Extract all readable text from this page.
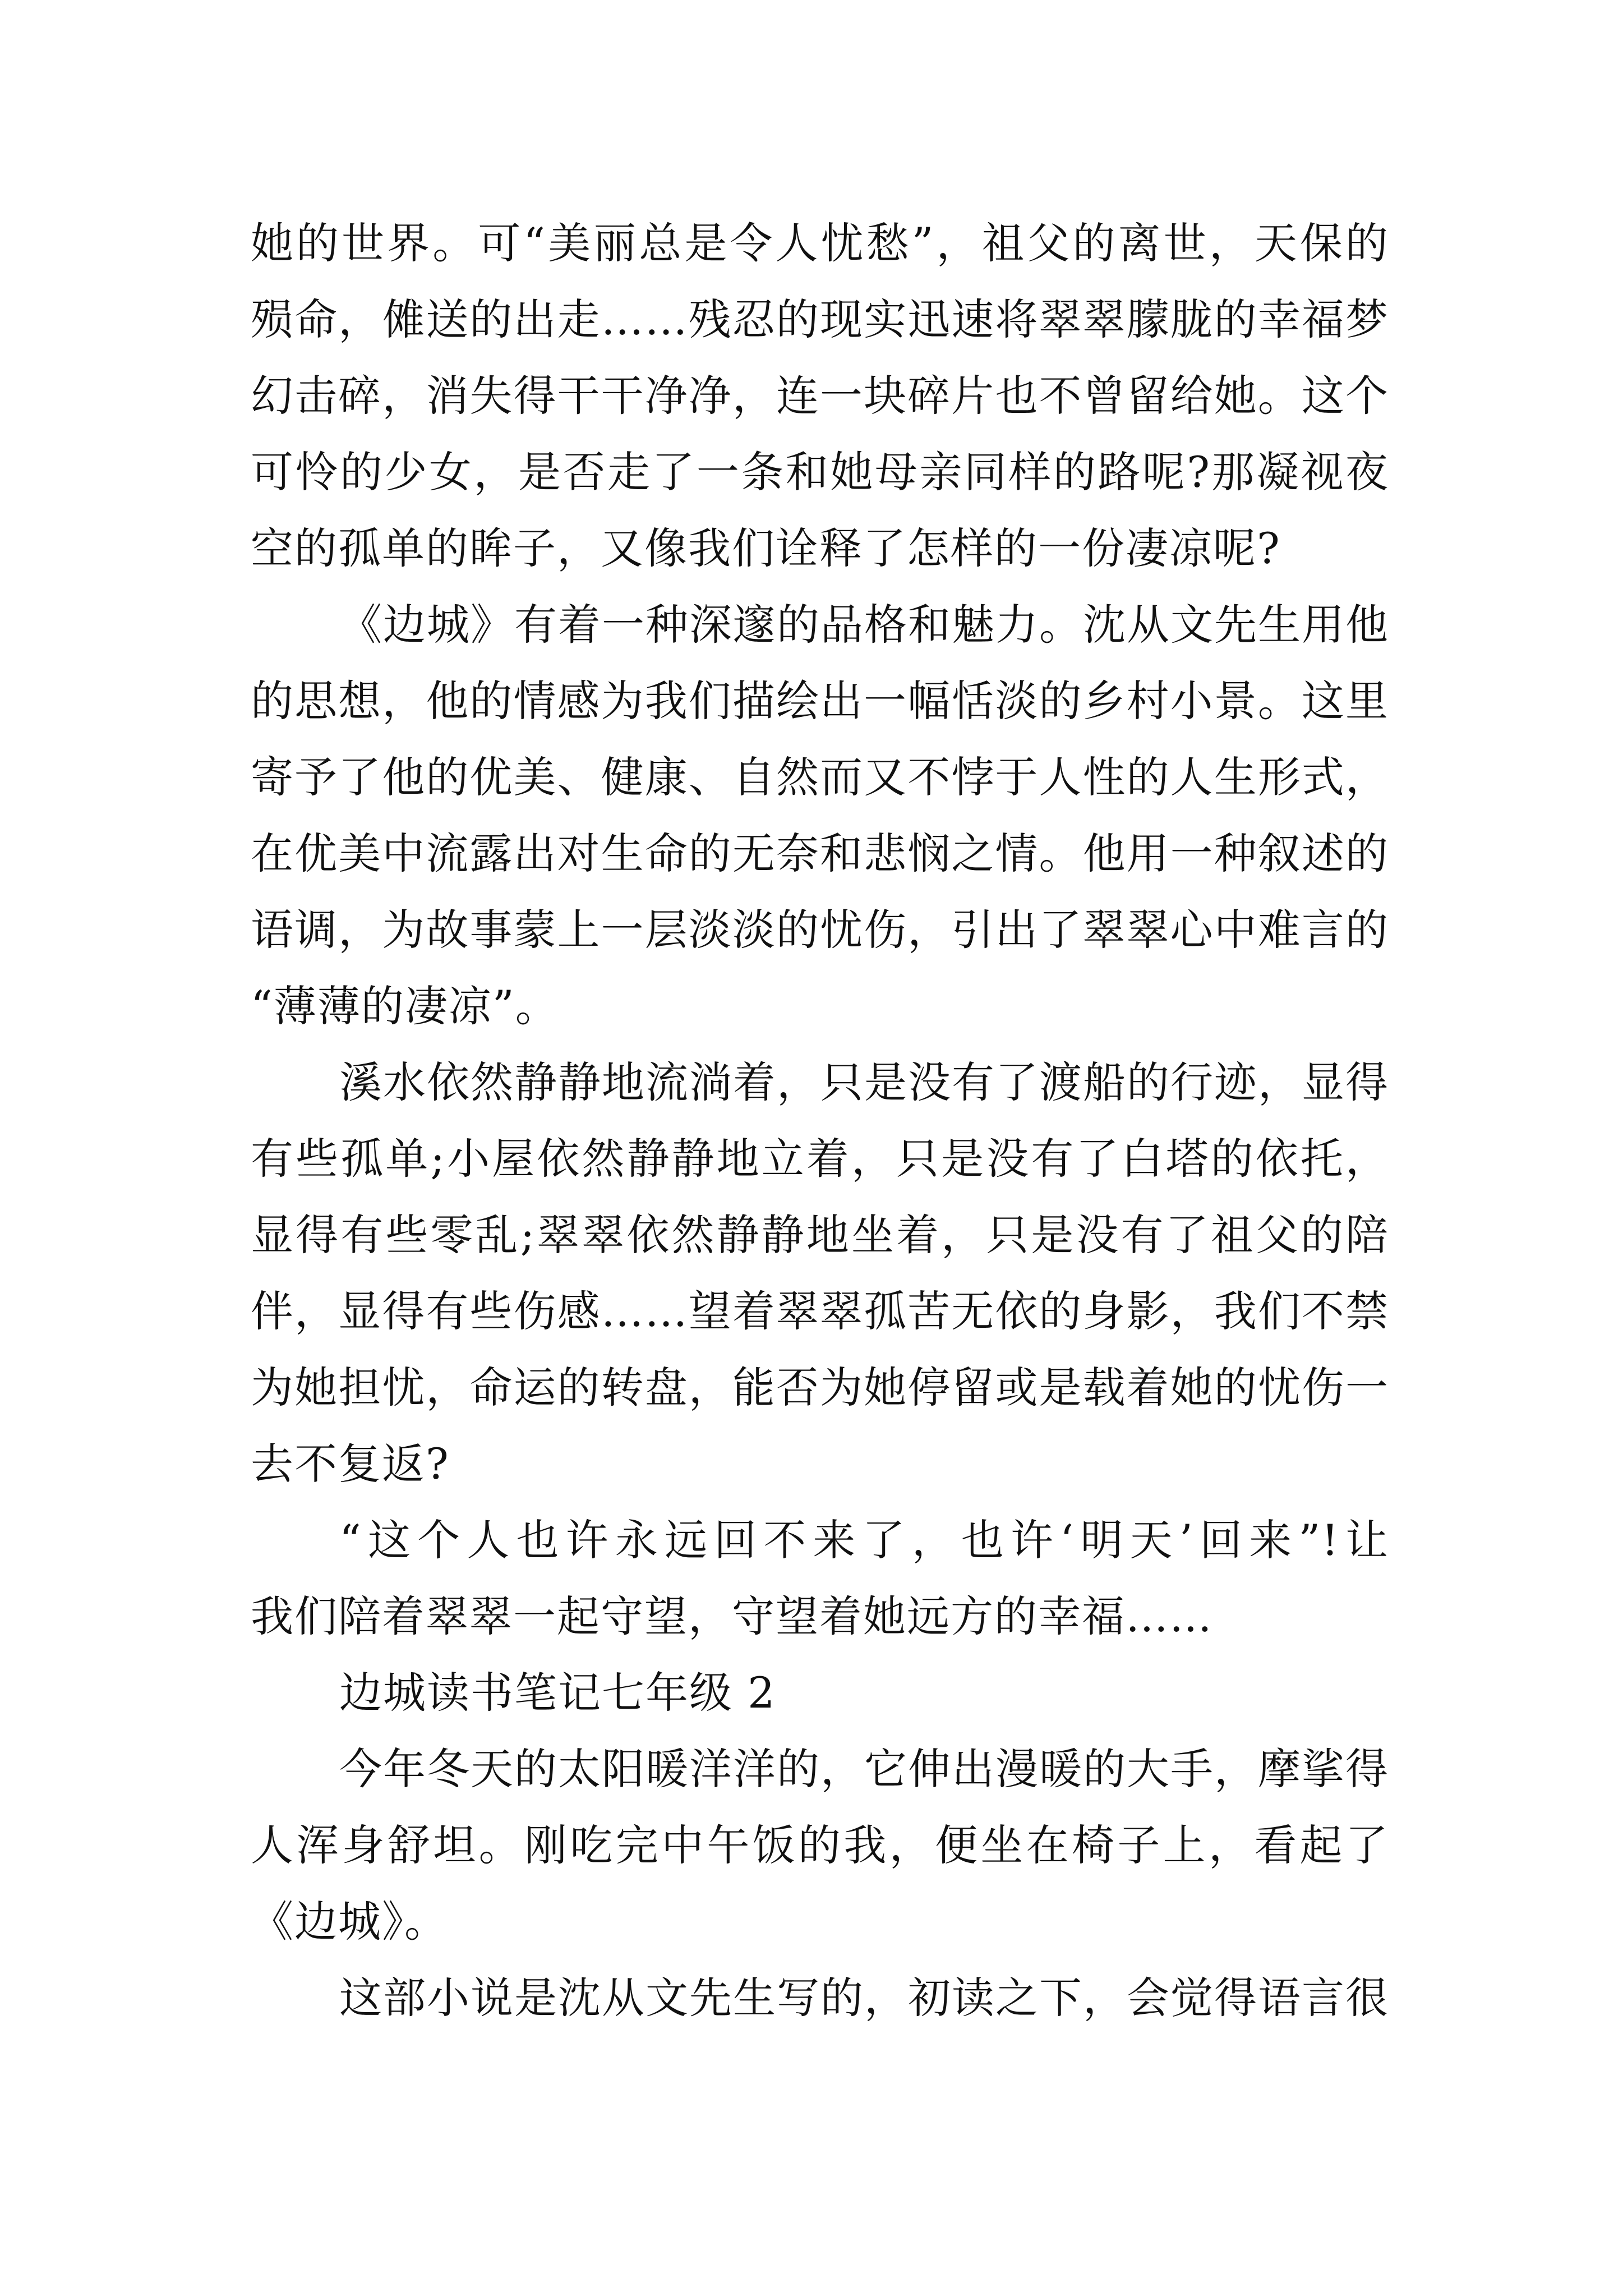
她的世界。可“美丽总是令人忧愁”，祖父的离世，天保的
殒命，傩送的出走……残忍的现实迅速将翠翠朦胧的幸福梦
幻击碎，消失得干干净净，连一块碎片也不曾留给她。这个
可怜的少女，是否走了一条和她母亲同样的路呢?那凝视夜
空的孤单的眸子，又像我们诠释了怎样的一份凄凉呢?
《边城》有着一种深邃的品格和魅力。沈从文先生用他
的思想，他的情感为我们描绘出一幅恬淡的乡村小景。这里
寄予了他的优美、健康、自然而又不悖于人性的人生形式，
在优美中流露出对生命的无奈和悲悯之情。他用一种叙述的
语调，为故事蒙上一层淡淡的忧伤，引出了翠翠心中难言的
“薄薄的凄凉”。
溪水依然静静地流淌着，只是没有了渡船的行迹，显得
有些孤单;小屋依然静静地立着，只是没有了白塔的依托，
显得有些零乱;翠翠依然静静地坐着，只是没有了祖父的陪
伴，显得有些伤感……望着翠翠孤苦无依的身影，我们不禁
为她担忧，命运的转盘，能否为她停留或是载着她的忧伤一
去不复返?
“这个人也许永远回不来了，也许‘明天’回来”!让
我们陪着翠翠一起守望，守望着她远方的幸福……
边城读书笔记七年级 2
今年冬天的太阳暖洋洋的，它伸出漫暖的大手，摩挲得
人浑身舒坦。刚吃完中午饭的我，便坐在椅子上，看起了
《边城》。
这部小说是沈从文先生写的，初读之下，会觉得语言很
